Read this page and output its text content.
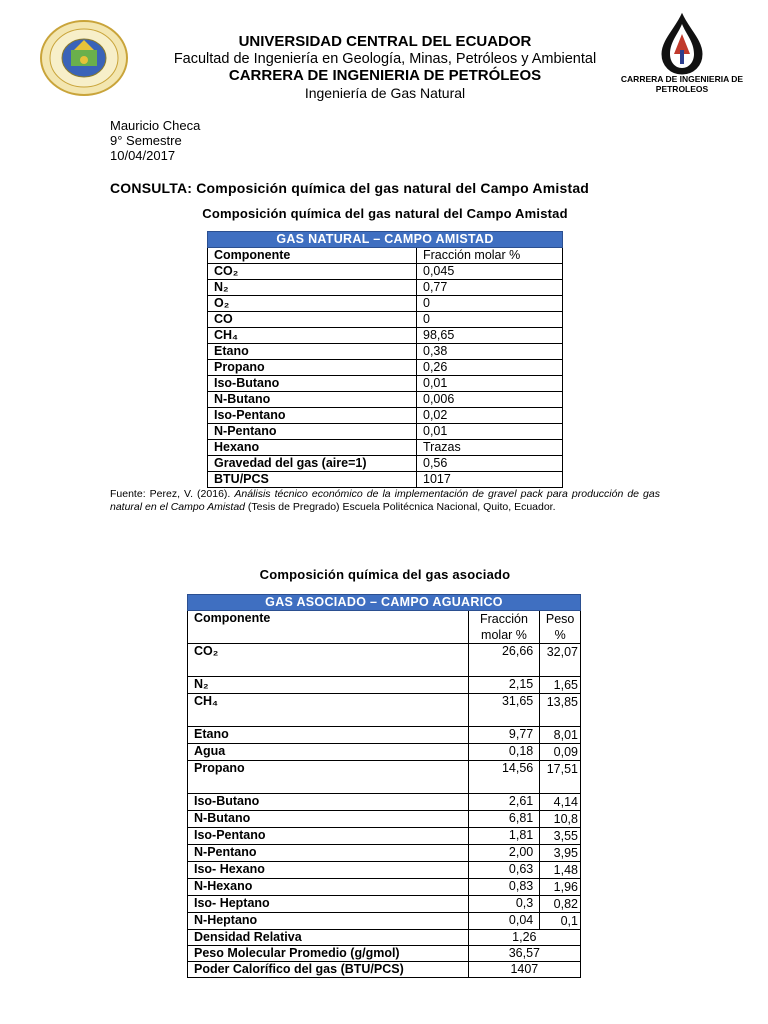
UNIVERSIDAD CENTRAL DEL ECUADOR
Facultad de Ingeniería en Geología, Minas, Petróleos y Ambiental
CARRERA DE INGENIERIA DE PETRÓLEOS
Ingeniería de Gas Natural
CARRERA DE INGENIERIA DE
PETROLEOS
Mauricio Checa
9° Semestre
10/04/2017
CONSULTA: Composición química del gas natural del Campo Amistad
Composición química del gas natural del Campo Amistad
GAS NATURAL – CAMPO AMISTAD	
Componente	Fracción molar %
CO₂	0,045
N₂	0,77
O₂	0
CO	0
CH₄	98,65
Etano	0,38
Propano	0,26
Iso-Butano	0,01
N-Butano	0,006
Iso-Pentano	0,02
N-Pentano	0,01
Hexano	Trazas
Gravedad del gas (aire=1)	0,56
BTU/PCS	1017
Fuente: Perez, V. (2016). Análisis técnico económico de la implementación de gravel pack para producción de gas natural en el Campo Amistad (Tesis de Pregrado) Escuela Politécnica Nacional, Quito, Ecuador.
Composición química del gas asociado
GAS ASOCIADO – CAMPO AGUARICO		
Componente	Fracción molar %	Peso %
CO₂	26,66	32,07
N₂	2,15	1,65
CH₄	31,65	13,85
Etano	9,77	8,01
Agua	0,18	0,09
Propano	14,56	17,51
Iso-Butano	2,61	4,14
N-Butano	6,81	10,8
Iso-Pentano	1,81	3,55
N-Pentano	2,00	3,95
Iso- Hexano	0,63	1,48
N-Hexano	0,83	1,96
Iso- Heptano	0,3	0,82
N-Heptano	0,04	0,1
Densidad Relativa	1,26	
Peso Molecular Promedio (g/gmol)	36,57	
Poder Calorífico del gas (BTU/PCS)	1407	
